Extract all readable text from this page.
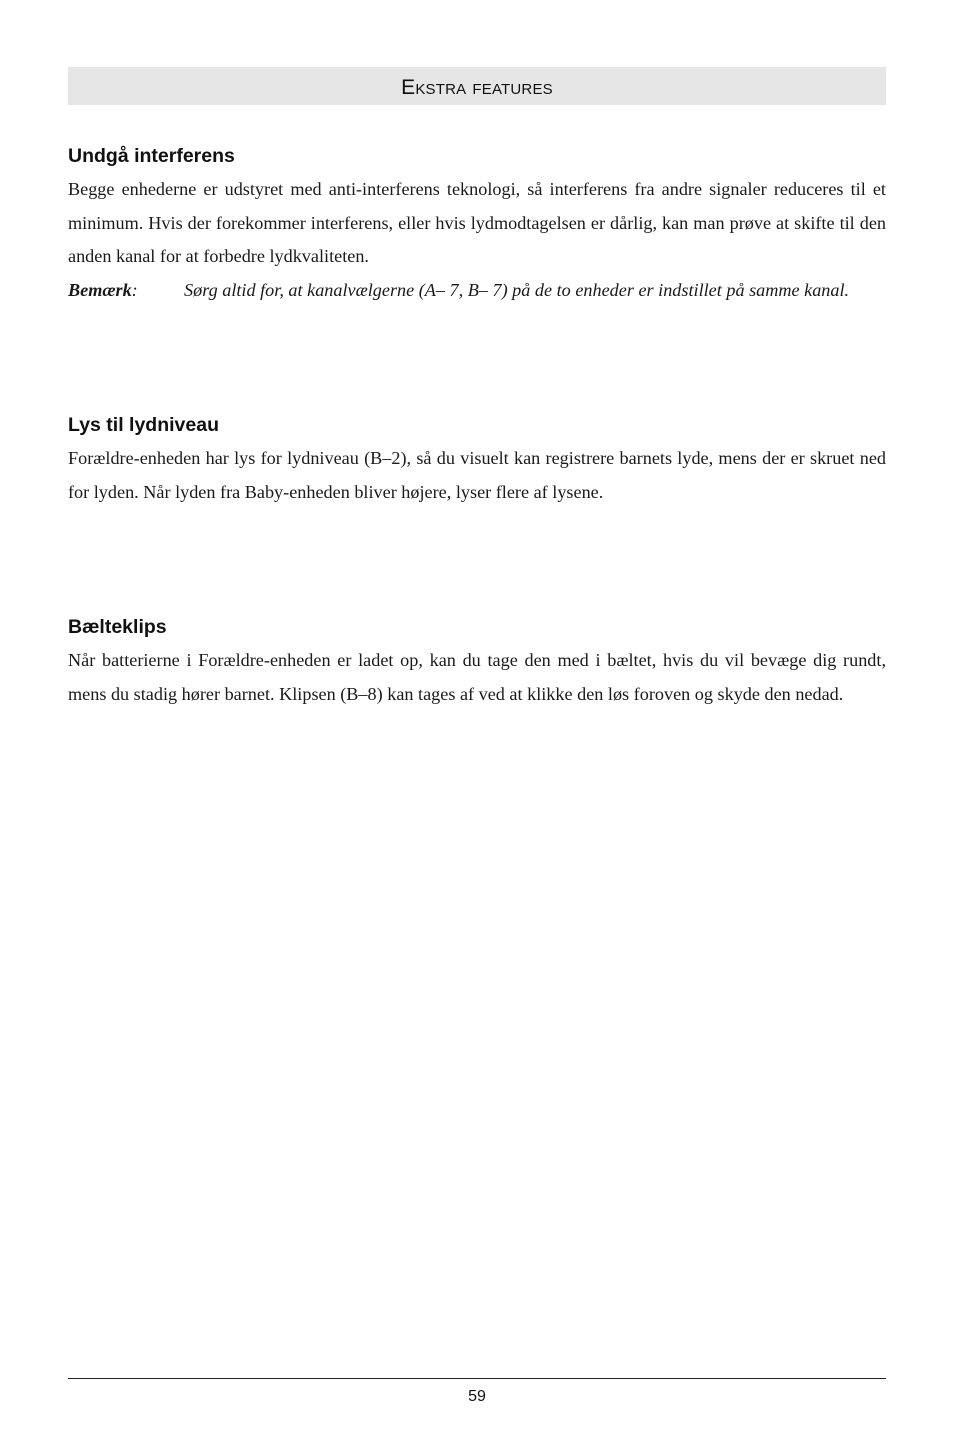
Ekstra features
Undgå interferens

Begge enhederne er udstyret med anti-interferens teknologi, så interferens fra andre signaler reduceres til et minimum. Hvis der forekommer interferens, eller hvis lydmodtagelsen er dårlig, kan man prøve at skifte til den anden kanal for at forbedre lydkvaliteten.

Bemærk:	Sørg altid for, at kanalvælgerne (A– 7, B– 7) på de to enheder er indstillet på samme kanal.
Lys til lydniveau

Forældre-enheden har lys for lydniveau (B–2), så du visuelt kan registrere barnets lyde, mens der er skruet ned for lyden. Når lyden fra Baby-enheden bliver højere, lyser flere af lysene.

Bælteklips

Når batterierne i Forældre-enheden er ladet op, kan du tage den med i bæltet, hvis du vil bevæge dig rundt, mens du stadig hører barnet. Klipsen (B–8) kan tages af ved at klikke den løs foroven og skyde den nedad.

59
